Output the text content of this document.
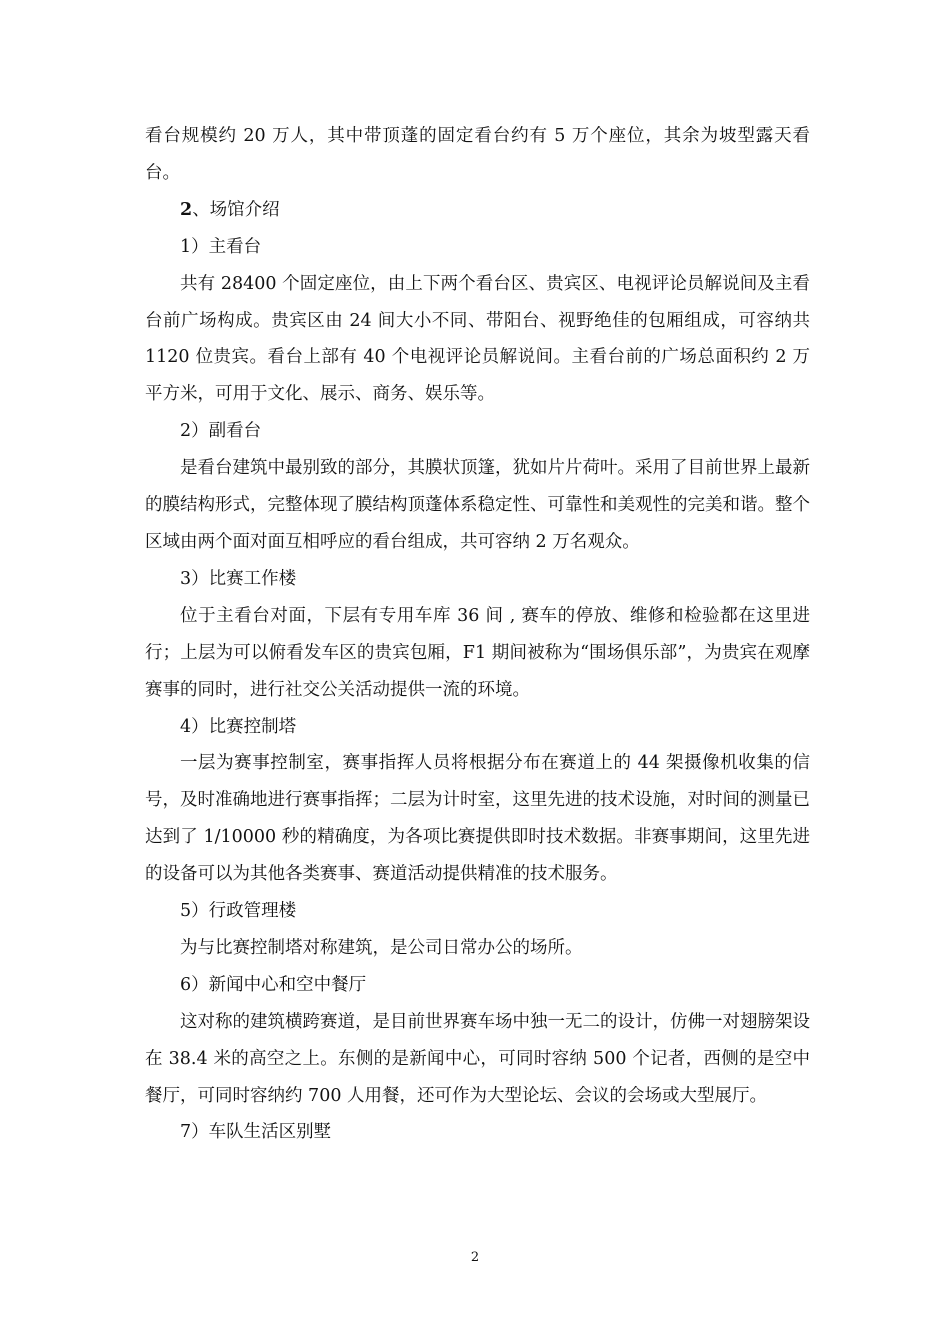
看台规模约 20 万人，其中带顶蓬的固定看台约有 5 万个座位，其余为坡型露天看台。

2、场馆介绍

1）主看台

共有 28400 个固定座位，由上下两个看台区、贵宾区、电视评论员解说间及主看台前广场构成。贵宾区由 24 间大小不同、带阳台、视野绝佳的包厢组成，可容纳共 1120 位贵宾。看台上部有 40 个电视评论员解说间。主看台前的广场总面积约 2 万平方米，可用于文化、展示、商务、娱乐等。

2）副看台

是看台建筑中最别致的部分，其膜状顶篷，犹如片片荷叶。采用了目前世界上最新的膜结构形式，完整体现了膜结构顶蓬体系稳定性、可靠性和美观性的完美和谐。整个区域由两个面对面互相呼应的看台组成，共可容纳 2 万名观众。

3）比赛工作楼

位于主看台对面，下层有专用车库 36 间 , 赛车的停放、维修和检验都在这里进行；上层为可以俯看发车区的贵宾包厢，F1 期间被称为“围场俱乐部”，为贵宾在观摩赛事的同时，进行社交公关活动提供一流的环境。

4）比赛控制塔

一层为赛事控制室，赛事指挥人员将根据分布在赛道上的 44 架摄像机收集的信号，及时准确地进行赛事指挥；二层为计时室，这里先进的技术设施，对时间的测量已达到了 1/10000 秒的精确度，为各项比赛提供即时技术数据。非赛事期间，这里先进的设备可以为其他各类赛事、赛道活动提供精准的技术服务。

5）行政管理楼

为与比赛控制塔对称建筑，是公司日常办公的场所。

6）新闻中心和空中餐厅

这对称的建筑横跨赛道，是目前世界赛车场中独一无二的设计，仿佛一对翅膀架设在 38.4 米的高空之上。东侧的是新闻中心，可同时容纳 500 个记者，西侧的是空中餐厅，可同时容纳约 700 人用餐，还可作为大型论坛、会议的会场或大型展厅。

7）车队生活区别墅

2
